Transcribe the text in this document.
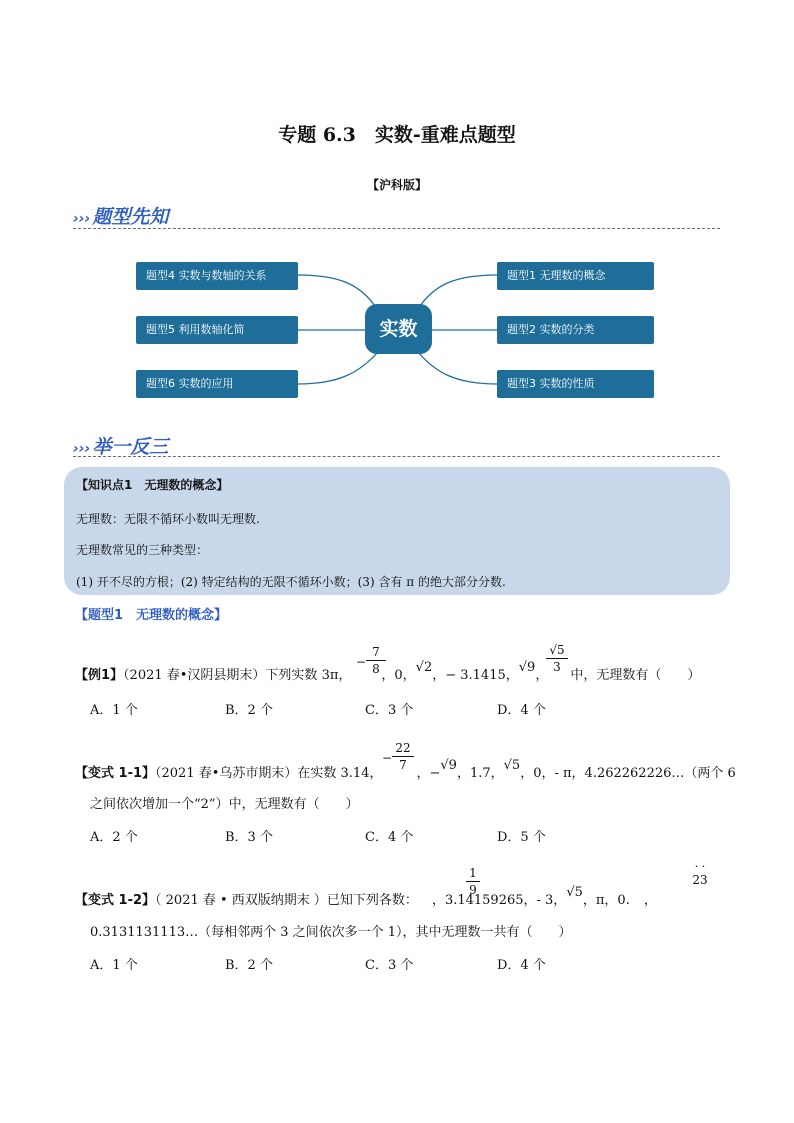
专题 6.3　实数-重难点题型
【沪科版】
››› 题型先知
题型4 实数与数轴的关系
题型5 利用数轴化简
题型6 实数的应用
题型1 无理数的概念
题型2 实数的分类
题型3 实数的性质
实数
››› 举一反三
【知识点1　无理数的概念】
无理数：无限不循环小数叫无理数.
无理数常见的三种类型：
(1) 开不尽的方根；(2) 特定结构的无限不循环小数；(3) 含有 π 的绝大部分分数.
【题型1　无理数的概念】
【例1】（2021 春•汉阴县期末）下列实数 3π， ，0，√2，− 3.1415，√9， 中，无理数有（　　）
−
7
8
√5
3
A．1 个	B．2 个	C．3 个	D．4 个
【变式 1-1】（2021 春•乌苏市期末）在实数 3.14，	，−√9，1.7，√5，0，- π，4.262262226…（两个 6
−
22
7
之间依次增加一个“2”）中，无理数有（　　）
A．2 个	B．3 个	C．4 个	D．5 个
【变式 1-2】（ 2021 春 • 西双版纳期末 ）已知下列各数： ，3.14159265，- 3，√5，π，0. ，
1
9
· ·
23
0.3131131113…（每相邻两个 3 之间依次多一个 1），其中无理数一共有（　　）
A．1 个	B．2 个	C．3 个	D．4 个
